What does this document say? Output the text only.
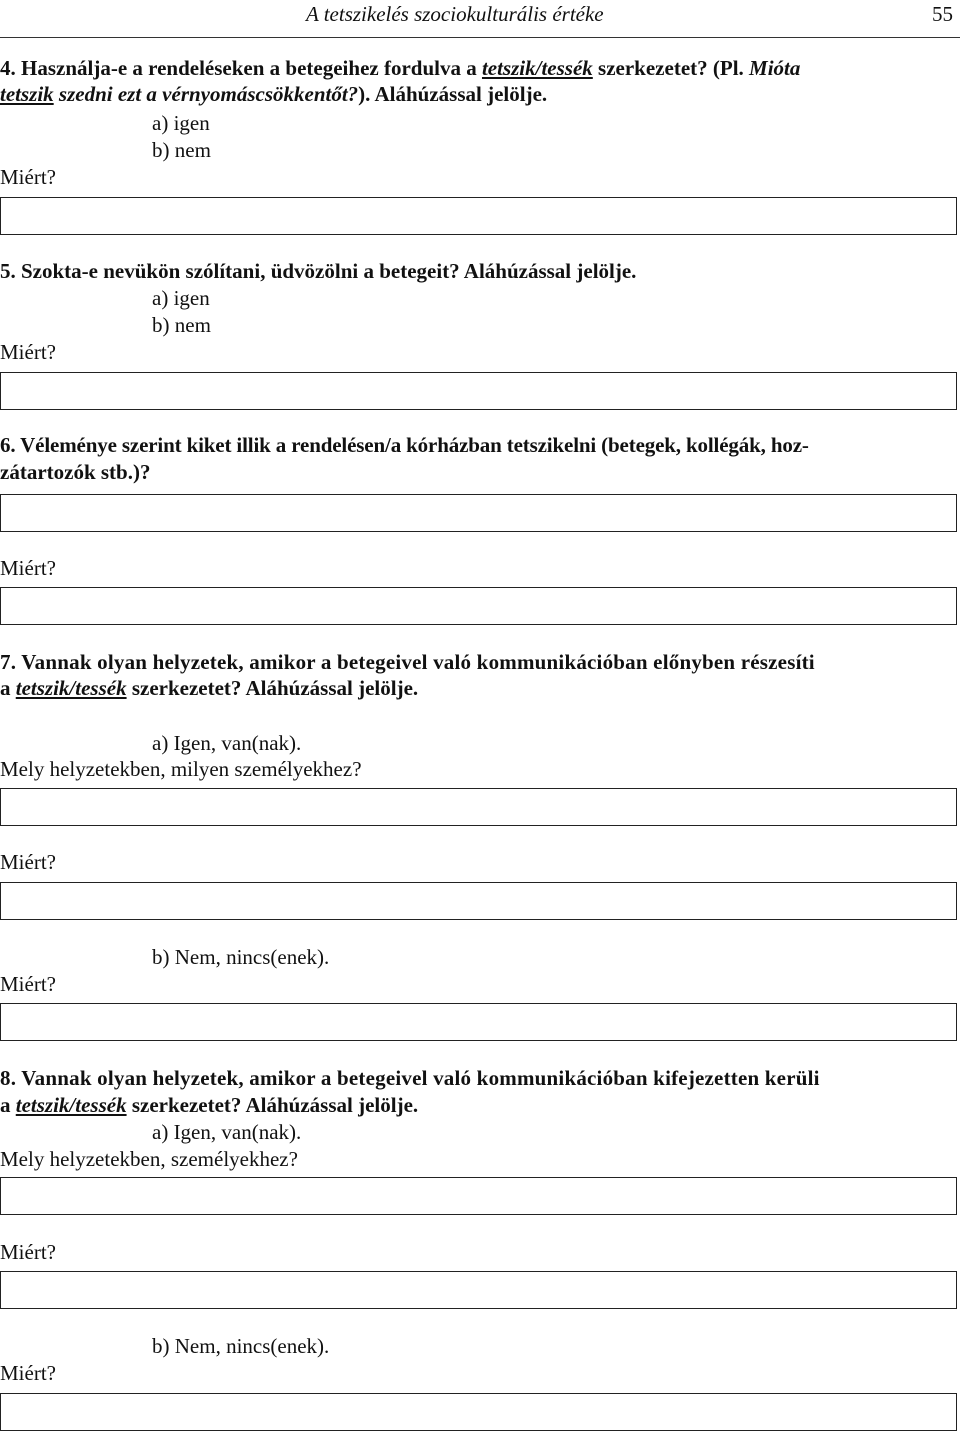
A tetszikelés szociokulturális értéke	55
4. Használja-e a rendeléseken a betegeihez fordulva a tetszik/tessék szerkezetet? (Pl. Mióta
tetszik szedni ezt a vérnyomáscsökkentőt?). Aláhúzással jelölje.
a) igen
b) nem
Miért?
5. Szokta-e nevükön szólítani, üdvözölni a betegeit? Aláhúzással jelölje.
a) igen
b) nem
Miért?
6. Véleménye szerint kiket illik a rendelésen/a kórházban tetszikelni (betegek, kollégák, hoz-
zátartozók stb.)?
Miért?
7. Vannak olyan helyzetek, amikor a betegeivel való kommunikációban előnyben részesíti
a tetszik/tessék szerkezetet? Aláhúzással jelölje.
a) Igen, van(nak).
Mely helyzetekben, milyen személyekhez?
Miért?
b) Nem, nincs(enek).
Miért?
8. Vannak olyan helyzetek, amikor a betegeivel való kommunikációban kifejezetten kerüli
a tetszik/tessék szerkezetet? Aláhúzással jelölje.
a) Igen, van(nak).
Mely helyzetekben, személyekhez?
Miért?
b) Nem, nincs(enek).
Miért?
